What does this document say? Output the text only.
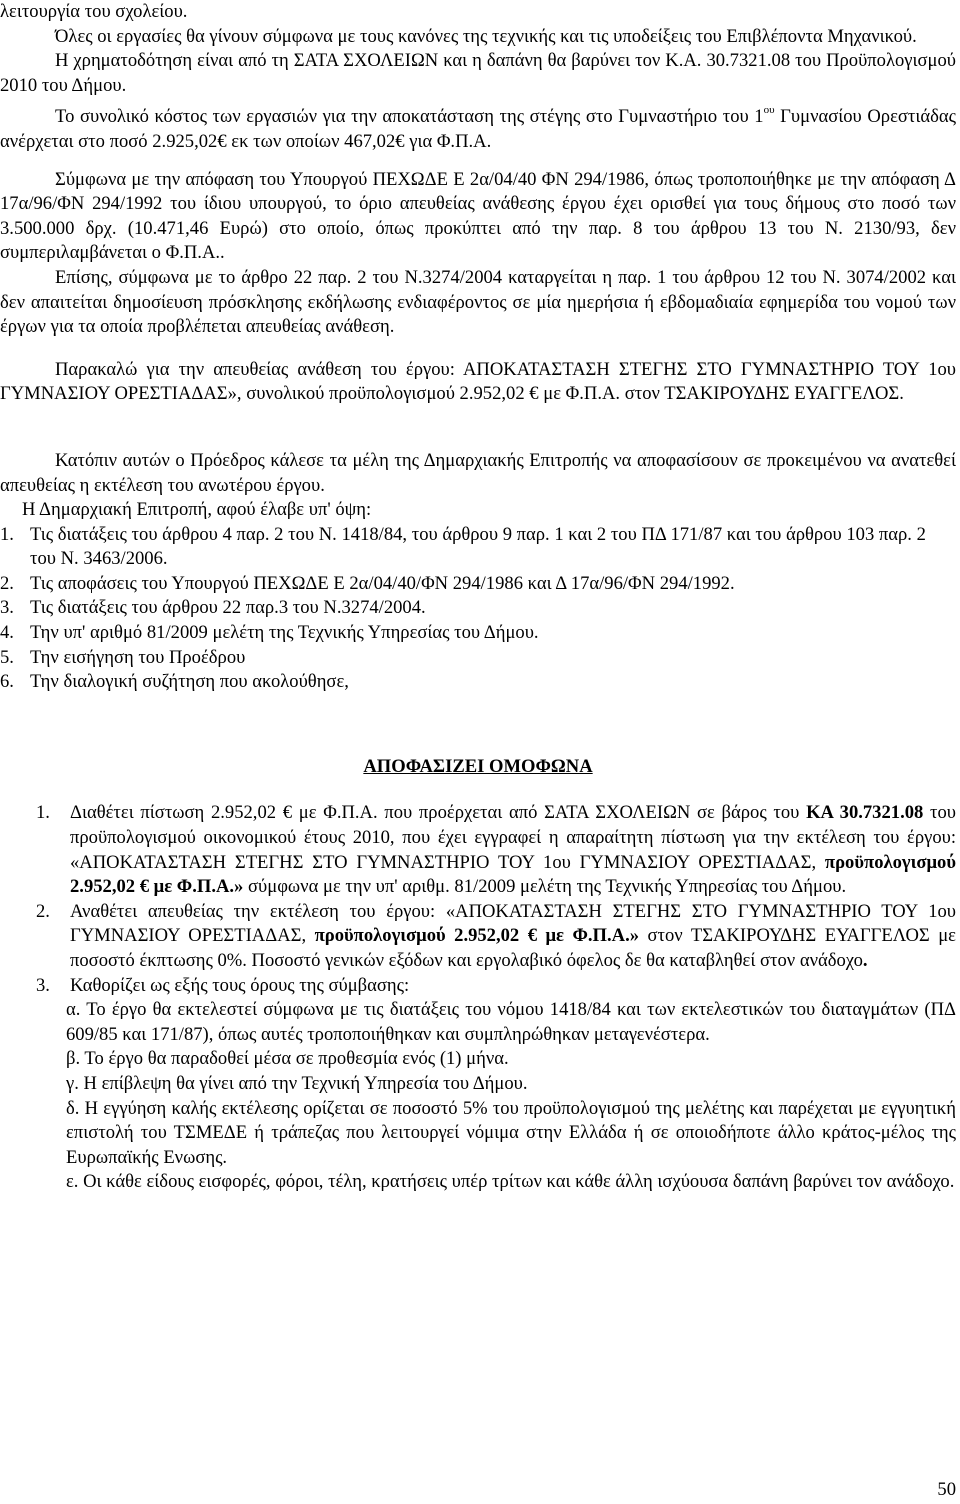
λειτουργία του σχολείου.

Όλες οι εργασίες θα γίνουν σύμφωνα με τους κανόνες της τεχνικής και τις υποδείξεις του Επιβλέποντα Μηχανικού.

Η χρηματοδότηση είναι από τη ΣΑΤΑ ΣΧΟΛΕΙΩΝ και η δαπάνη θα βαρύνει τον Κ.Α. 30.7321.08 του Προϋπολογισμού 2010 του Δήμου.

Το συνολικό κόστος των εργασιών για την αποκατάσταση της στέγης στο Γυμναστήριο του $1^{o\upsilon}$ Γυμνασίου Ορεστιάδας ανέρχεται στο ποσό 2.925,02€ εκ των οποίων 467,02€ για Φ.Π.Α.

Σύμφωνα με την απόφαση του Υπουργού ΠΕΧΩΔΕ Ε 2α/04/40 ΦΝ 294/1986, όπως τροποποιήθηκε με την απόφαση Δ 17α/96/ΦΝ 294/1992 του ίδιου υπουργού, το όριο απευθείας ανάθεσης έργου έχει ορισθεί για τους δήμους στο ποσό των 3.500.000 δρχ. (10.471,46 Ευρώ) στο οποίο, όπως προκύπτει από την παρ. 8 του άρθρου 13 του Ν. 2130/93, δεν συμπεριλαμβάνεται ο Φ.Π.Α..

Επίσης, σύμφωνα με το άρθρο 22 παρ. 2 του Ν.3274/2004 καταργείται η παρ. 1 του άρθρου 12 του Ν. 3074/2002 και δεν απαιτείται δημοσίευση πρόσκλησης εκδήλωσης ενδιαφέροντος σε μία ημερήσια ή εβδομαδιαία εφημερίδα του νομού των έργων για τα οποία προβλέπεται απευθείας ανάθεση.

Παρακαλώ για την απευθείας ανάθεση του έργου: ΑΠΟΚΑΤΑΣΤΑΣΗ ΣΤΕΓΗΣ ΣΤΟ ΓΥΜΝΑΣΤΗΡΙΟ ΤΟΥ 1ου ΓΥΜΝΑΣΙΟΥ ΟΡΕΣΤΙΑΔΑΣ», συνολικού προϋπολογισμού 2.952,02 € με Φ.Π.Α. στον ΤΣΑΚΙΡΟΥΔΗΣ ΕΥΑΓΓΕΛΟΣ.

Κατόπιν αυτών ο Πρόεδρος κάλεσε τα μέλη της Δημαρχιακής Επιτροπής να αποφασίσουν σε προκειμένου να ανατεθεί απευθείας η εκτέλεση του ανωτέρου έργου.

Η Δημαρχιακή Επιτροπή, αφού έλαβε υπ' όψη:

1. Τις διατάξεις του άρθρου 4 παρ. 2 του Ν. 1418/84, του άρθρου 9 παρ. 1 και 2 του ΠΔ 171/87 και του άρθρου 103 παρ. 2 του Ν. 3463/2006.
2. Τις αποφάσεις του Υπουργού ΠΕΧΩΔΕ Ε 2α/04/40/ΦΝ 294/1986 και Δ 17α/96/ΦΝ 294/1992.
3. Τις διατάξεις του άρθρου 22 παρ.3 του Ν.3274/2004.
4. Την υπ' αριθμό 81/2009 μελέτη της Τεχνικής Υπηρεσίας του Δήμου.
5. Την εισήγηση του Προέδρου
6. Την διαλογική συζήτηση που ακολούθησε,

ΑΠΟΦΑΣΙΖΕΙ ΟΜΟΦΩΝΑ

1. Διαθέτει πίστωση 2.952,02 € με Φ.Π.Α. που προέρχεται από ΣΑΤΑ ΣΧΟΛΕΙΩΝ σε βάρος του ΚΑ 30.7321.08 του προϋπολογισμού οικονομικού έτους 2010, που έχει εγγραφεί η απαραίτητη πίστωση για την εκτέλεση του έργου: «ΑΠΟΚΑΤΑΣΤΑΣΗ ΣΤΕΓΗΣ ΣΤΟ ΓΥΜΝΑΣΤΗΡΙΟ ΤΟΥ 1ου ΓΥΜΝΑΣΙΟΥ ΟΡΕΣΤΙΑΔΑΣ, προϋπολογισμού 2.952,02 € με Φ.Π.Α.» σύμφωνα με την υπ' αριθμ. 81/2009 μελέτη της Τεχνικής Υπηρεσίας του Δήμου.
2. Αναθέτει απευθείας την εκτέλεση του έργου: «ΑΠΟΚΑΤΑΣΤΑΣΗ ΣΤΕΓΗΣ ΣΤΟ ΓΥΜΝΑΣΤΗΡΙΟ ΤΟΥ 1ου ΓΥΜΝΑΣΙΟΥ ΟΡΕΣΤΙΑΔΑΣ, προϋπολογισμού 2.952,02 € με Φ.Π.Α.» στον ΤΣΑΚΙΡΟΥΔΗΣ ΕΥΑΓΓΕΛΟΣ με ποσοστό έκπτωσης 0%. Ποσοστό γενικών εξόδων και εργολαβικό όφελος δε θα καταβληθεί στον ανάδοχο.
3. Καθορίζει ως εξής τους όρους της σύμβασης:

α. Το έργο θα εκτελεστεί σύμφωνα με τις διατάξεις του νόμου 1418/84 και των εκτελεστικών του διαταγμάτων (ΠΔ 609/85 και 171/87), όπως αυτές τροποποιήθηκαν και συμπληρώθηκαν μεταγενέστερα.

β. Το έργο θα παραδοθεί μέσα σε προθεσμία ενός (1) μήνα.

γ. Η επίβλεψη θα γίνει από την Τεχνική Υπηρεσία του Δήμου.

δ. Η εγγύηση καλής εκτέλεσης ορίζεται σε ποσοστό 5% του προϋπολογισμού της μελέτης και παρέχεται με εγγυητική επιστολή του ΤΣΜΕΔΕ ή τράπεζας που λειτουργεί νόμιμα στην Ελλάδα ή σε οποιοδήποτε άλλο κράτος-μέλος της Ευρωπαϊκής Ενωσης.

ε. Οι κάθε είδους εισφορές, φόροι, τέλη, κρατήσεις υπέρ τρίτων και κάθε άλλη ισχύουσα δαπάνη βαρύνει τον ανάδοχο.

50
